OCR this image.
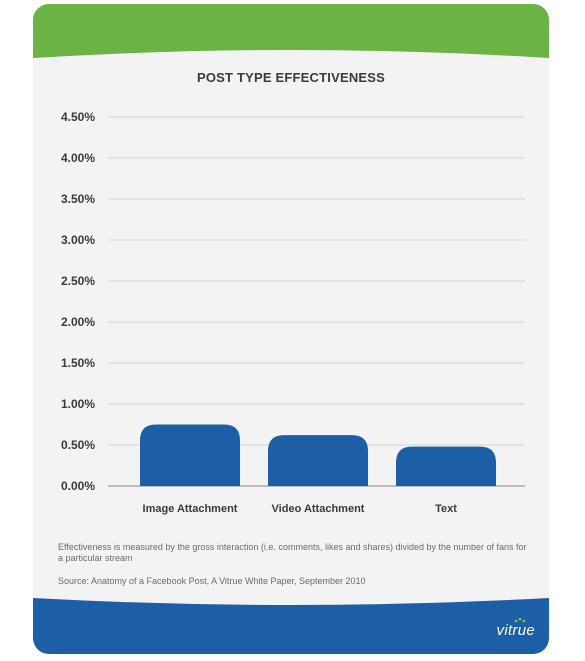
POST TYPE EFFECTIVENESS
0.00%
0.50%
1.00%
1.50%
2.00%
2.50%
3.00%
3.50%
4.00%
4.50%
Image Attachment	Video Attachment	Text
Effectiveness is measured by the gross interaction (i.e. comments, likes and shares) divided by the number of fans for a particular stream
Source: Anatomy of a Facebook Post, A Vitrue White Paper, September 2010
vitrue
